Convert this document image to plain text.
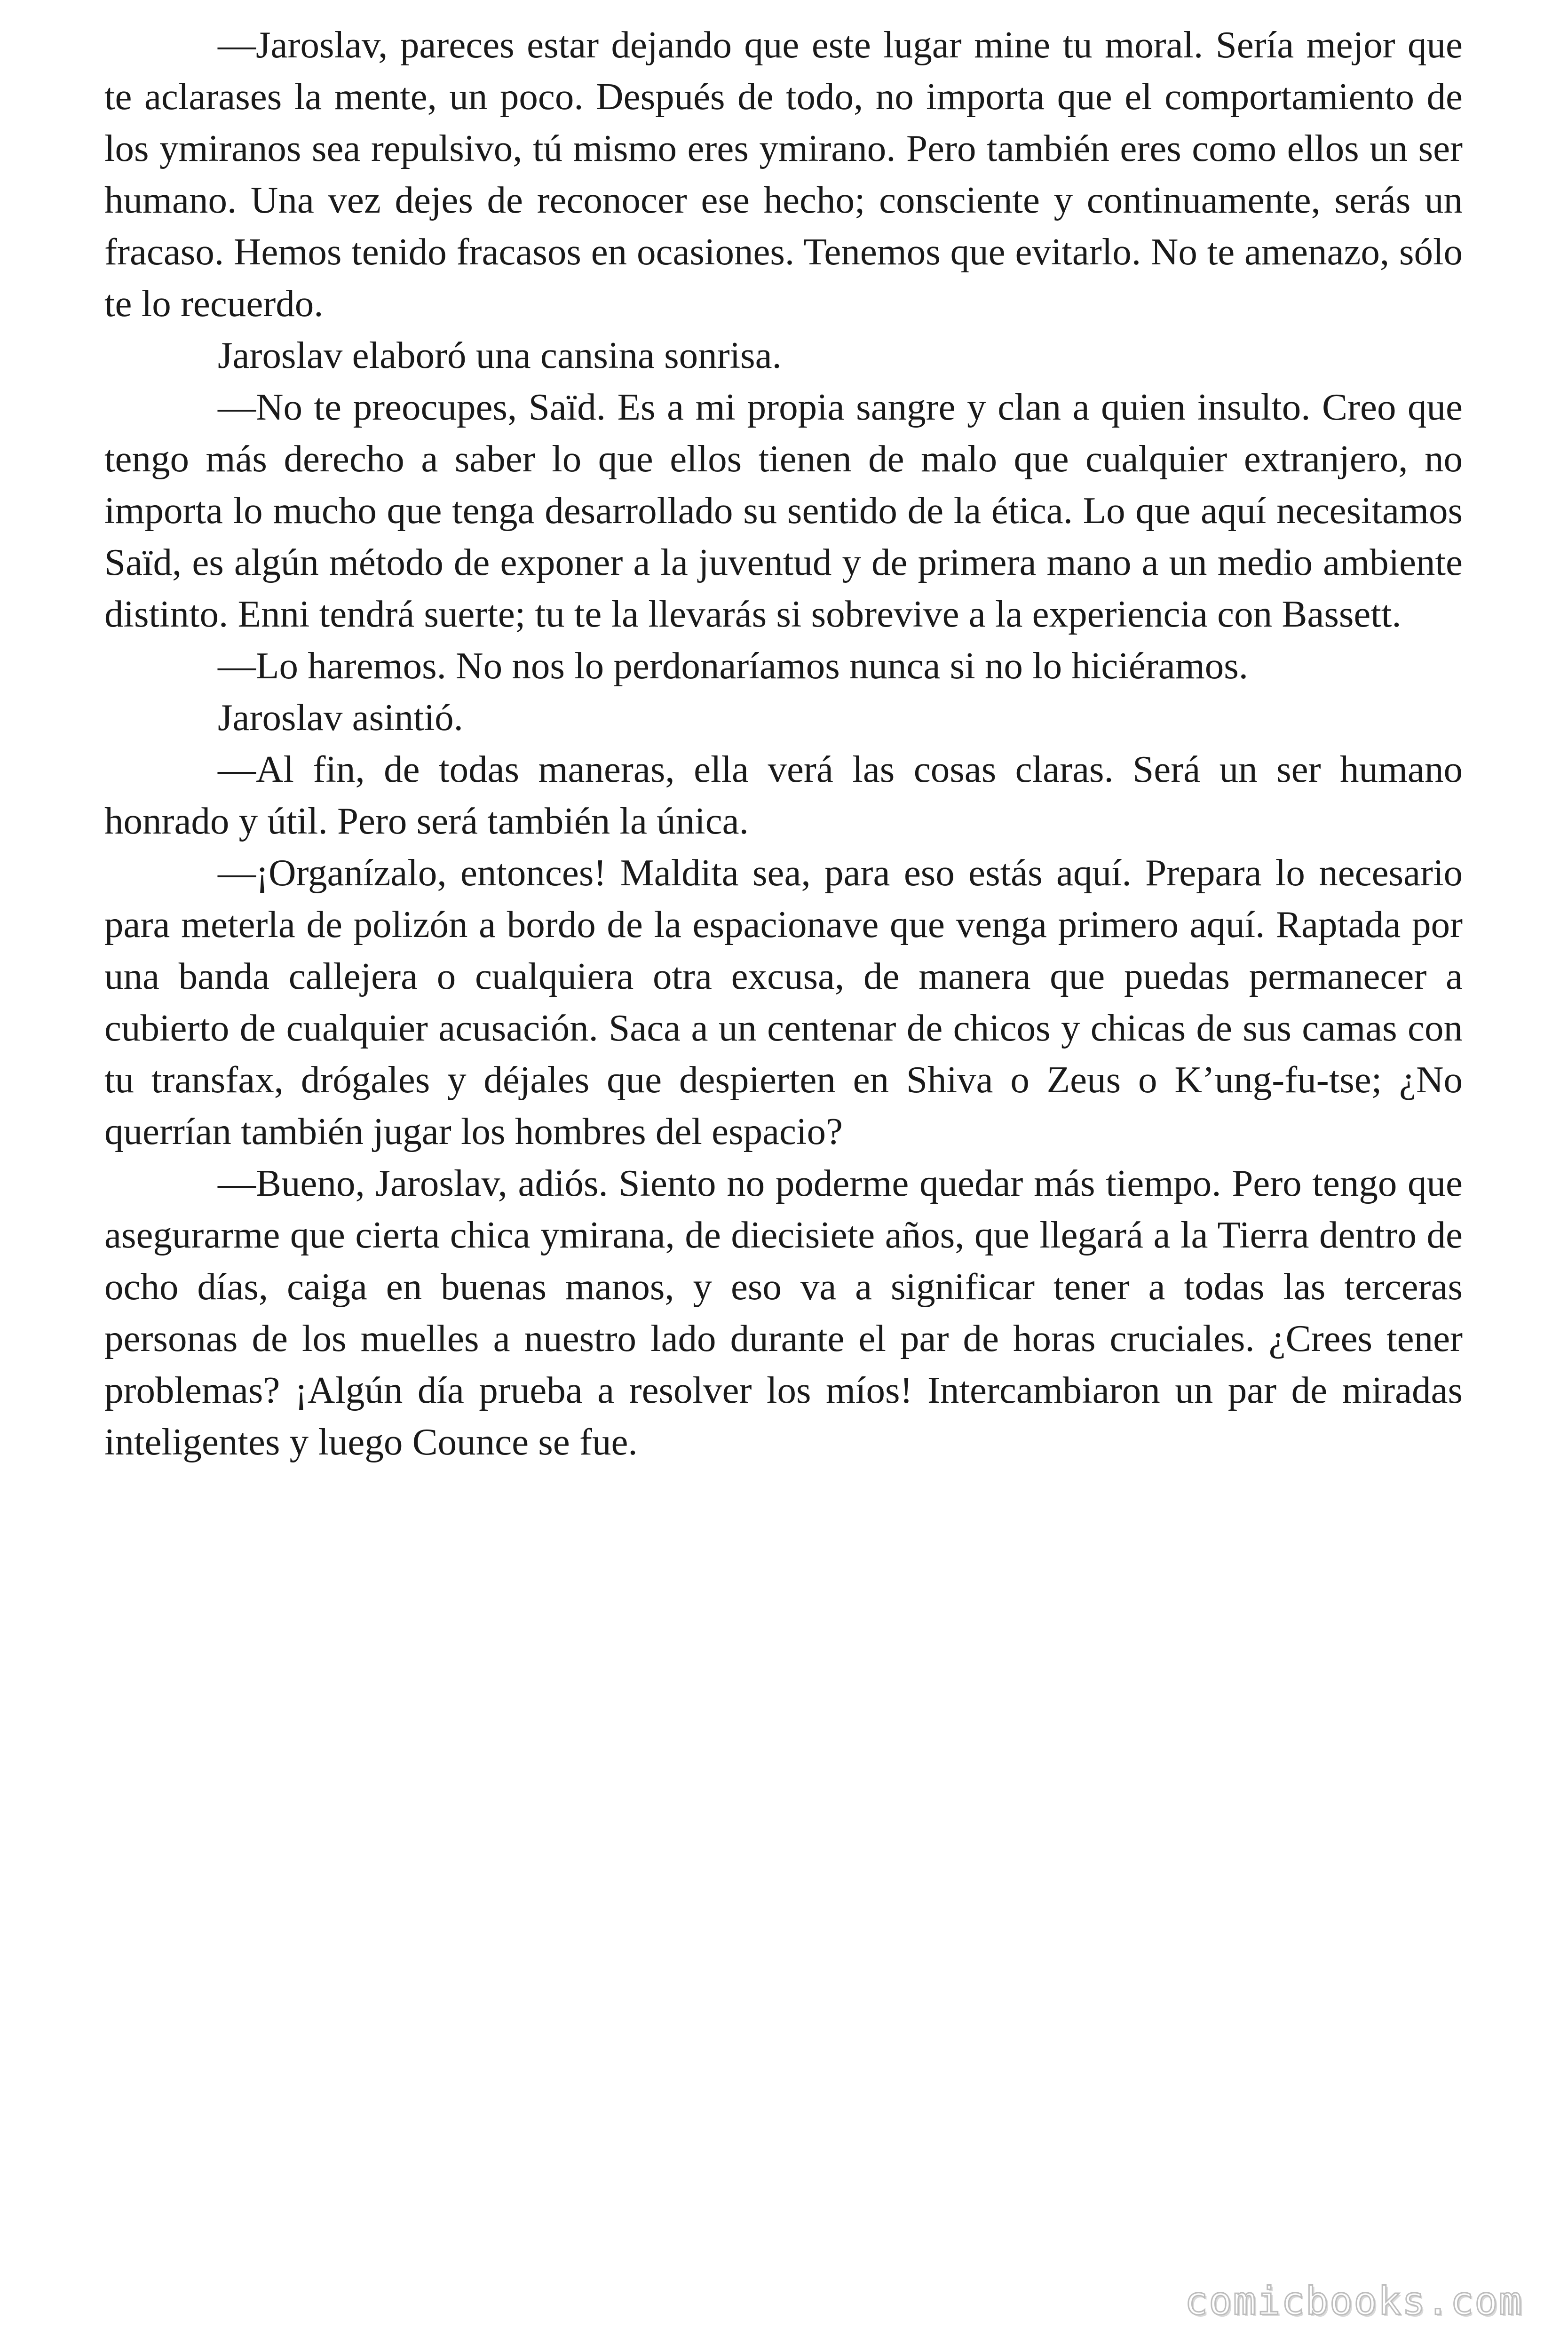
—Jaroslav, pareces estar dejando que este lugar mine tu moral. Sería mejor que te aclarases la mente, un poco. Después de todo, no importa que el comportamiento de los ymiranos sea repulsivo, tú mismo eres ymirano. Pero también eres como ellos un ser humano. Una vez dejes de reconocer ese hecho; consciente y continuamente, serás un fracaso. Hemos tenido fracasos en ocasiones. Tenemos que evitarlo. No te amenazo, sólo te lo recuerdo.

Jaroslav elaboró una cansina sonrisa.

—No te preocupes, Saïd. Es a mi propia sangre y clan a quien insulto. Creo que tengo más derecho a saber lo que ellos tienen de malo que cualquier extranjero, no importa lo mucho que tenga desarrollado su sentido de la ética. Lo que aquí necesitamos Saïd, es algún método de exponer a la juventud y de primera mano a un medio ambiente distinto. Enni tendrá suerte; tu te la llevarás si sobrevive a la experiencia con Bassett.

—Lo haremos. No nos lo perdonaríamos nunca si no lo hiciéramos.

Jaroslav asintió.

—Al fin, de todas maneras, ella verá las cosas claras. Será un ser humano honrado y útil. Pero será también la única.

—¡Organízalo, entonces! Maldita sea, para eso estás aquí. Prepara lo necesario para meterla de polizón a bordo de la espacionave que venga primero aquí. Raptada por una banda callejera o cualquiera otra excusa, de manera que puedas permanecer a cubierto de cualquier acusación. Saca a un centenar de chicos y chicas de sus camas con tu transfax, drógales y déjales que despierten en Shiva o Zeus o K’ung-fu-tse; ¿No querrían también jugar los hombres del espacio?

—Bueno, Jaroslav, adiós. Siento no poderme quedar más tiempo. Pero tengo que asegurarme que cierta chica ymirana, de diecisiete años, que llegará a la Tierra dentro de ocho días, caiga en buenas manos, y eso va a significar tener a todas las terceras personas de los muelles a nuestro lado durante el par de horas cruciales. ¿Crees tener problemas? ¡Algún día prueba a resolver los míos! Intercambiaron un par de miradas inteligentes y luego Counce se fue.

comicbooks.com
